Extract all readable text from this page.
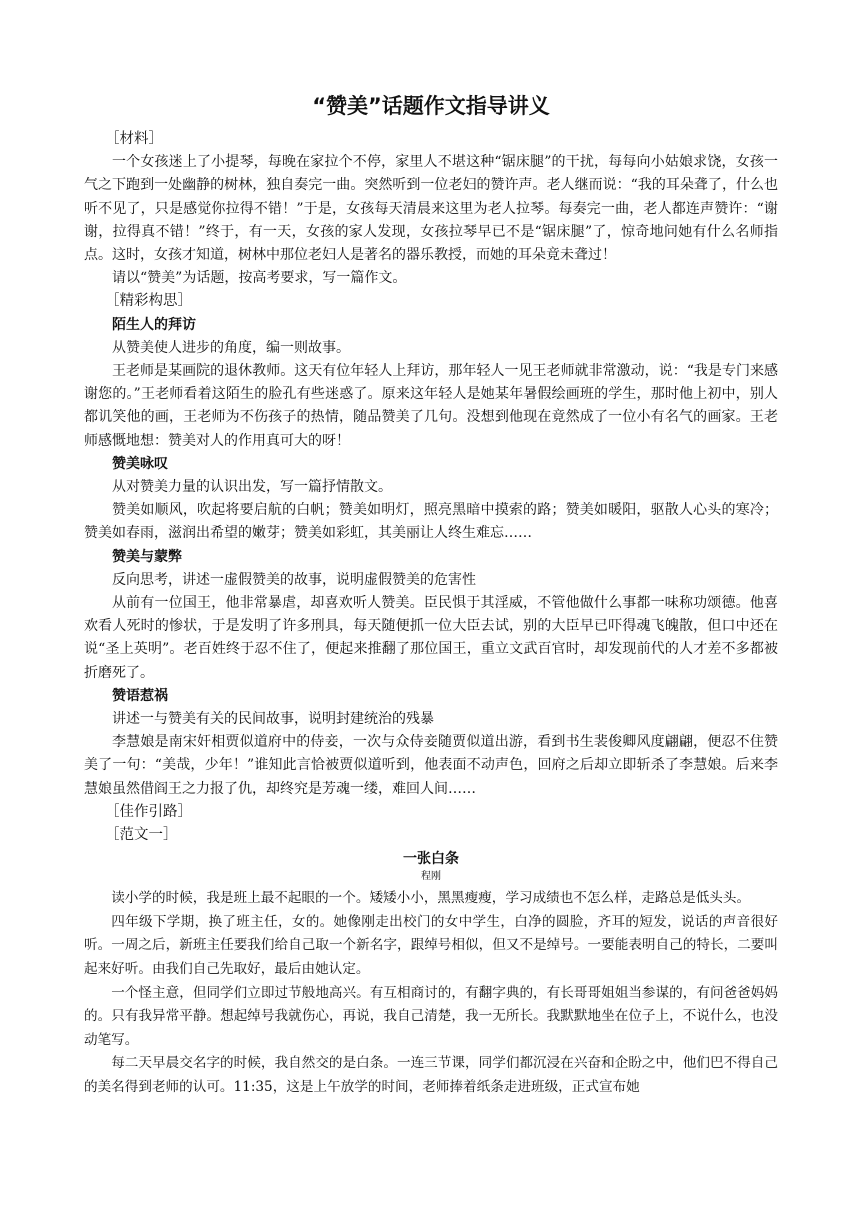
“赞美”话题作文指导讲义

［材料］

一个女孩迷上了小提琴，每晚在家拉个不停，家里人不堪这种“锯床腿”的干扰，每每向小姑娘求饶，女孩一气之下跑到一处幽静的树林，独自奏完一曲。突然听到一位老妇的赞许声。老人继而说：“我的耳朵聋了，什么也听不见了，只是感觉你拉得不错！”于是，女孩每天清晨来这里为老人拉琴。每奏完一曲，老人都连声赞许：“谢谢，拉得真不错！”终于，有一天，女孩的家人发现，女孩拉琴早已不是“锯床腿”了，惊奇地问她有什么名师指点。这时，女孩才知道，树林中那位老妇人是著名的器乐教授，而她的耳朵竟未聋过！

请以“赞美”为话题，按高考要求，写一篇作文。

［精彩构思］

陌生人的拜访

从赞美使人进步的角度，编一则故事。

王老师是某画院的退休教师。这天有位年轻人上拜访，那年轻人一见王老师就非常激动，说：“我是专门来感谢您的。”王老师看着这陌生的脸孔有些迷惑了。原来这年轻人是她某年暑假绘画班的学生，那时他上初中，别人都讥笑他的画，王老师为不伤孩子的热情，随品赞美了几句。没想到他现在竟然成了一位小有名气的画家。王老师感慨地想：赞美对人的作用真可大的呀！

赞美咏叹

从对赞美力量的认识出发，写一篇抒情散文。

赞美如顺风，吹起将要启航的白帆；赞美如明灯，照亮黑暗中摸索的路；赞美如暖阳，驱散人心头的寒冷；赞美如春雨，滋润出希望的嫩芽；赞美如彩虹，其美丽让人终生难忘……

赞美与蒙弊

反向思考，讲述一虚假赞美的故事，说明虚假赞美的危害性

从前有一位国王，他非常暴虐，却喜欢听人赞美。臣民惧于其淫威，不管他做什么事都一味称功颂德。他喜欢看人死时的惨状，于是发明了许多刑具，每天随便抓一位大臣去试，别的大臣早已吓得魂飞魄散，但口中还在说“圣上英明”。老百姓终于忍不住了，便起来推翻了那位国王，重立文武百官时，却发现前代的人才差不多都被折磨死了。

赞语惹祸

讲述一与赞美有关的民间故事，说明封建统治的残暴

李慧娘是南宋奸相贾似道府中的侍妾，一次与众侍妾随贾似道出游，看到书生裴俊卿风度翩翩，便忍不住赞美了一句：“美哉，少年！”谁知此言恰被贾似道听到，他表面不动声色，回府之后却立即斩杀了李慧娘。后来李慧娘虽然借阎王之力报了仇，却终究是芳魂一缕，难回人间……

［佳作引路］

［范文一］

一张白条

程刚

读小学的时候，我是班上最不起眼的一个。矮矮小小，黑黑瘦瘦，学习成绩也不怎么样，走路总是低头头。

四年级下学期，换了班主任，女的。她像刚走出校门的女中学生，白净的圆脸，齐耳的短发，说话的声音很好听。一周之后，新班主任要我们给自己取一个新名字，跟绰号相似，但又不是绰号。一要能表明自己的特长，二要叫起来好听。由我们自己先取好，最后由她认定。

一个怪主意，但同学们立即过节般地高兴。有互相商讨的，有翻字典的，有长哥哥姐姐当参谋的，有问爸爸妈妈的。只有我异常平静。想起绰号我就伤心，再说，我自己清楚，我一无所长。我默默地坐在位子上，不说什么，也没动笔写。

每二天早晨交名字的时候，我自然交的是白条。一连三节课，同学们都沉浸在兴奋和企盼之中，他们巴不得自己的美名得到老师的认可。11:35，这是上午放学的时间，老师捧着纸条走进班级，正式宣布她
